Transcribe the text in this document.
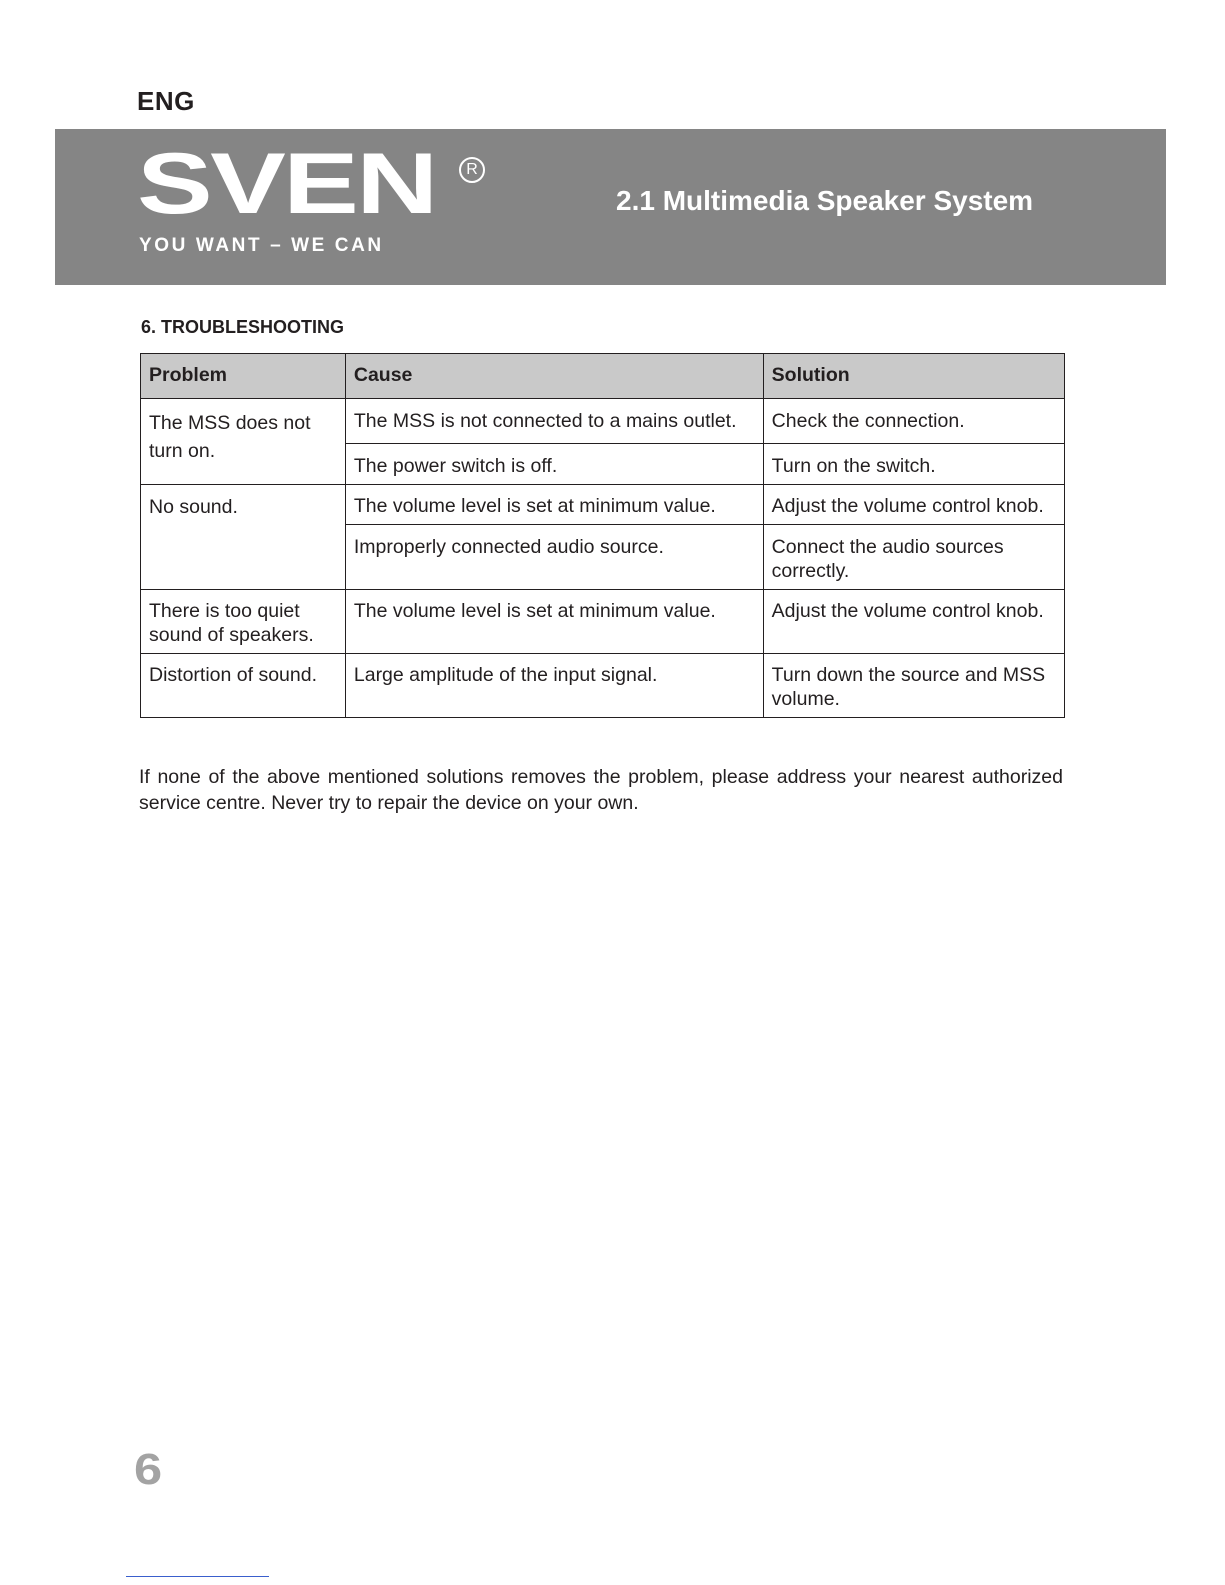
ENG
SVEN	R
YOU WANT – WE CAN
2.1 Multimedia Speaker System
6. TROUBLESHOOTING
Problem	Cause	Solution
The MSS does not turn on.	The MSS is not connected to a mains outlet.	Check the connection.
	The power switch is off.	Turn on the switch.
No sound.	The volume level is set at minimum value.	Adjust the volume control knob.
	Improperly connected audio source.	Connect the audio sources correctly.
There is too quiet sound of speakers.	The volume level is set at minimum value.	Adjust the volume control knob.
Distortion of sound.	Large amplitude of the input signal.	Turn down the source and MSS volume.
If none of the above mentioned solutions removes the problem, please address your nearest authorized service centre. Never try to repair the device on your own.
6
